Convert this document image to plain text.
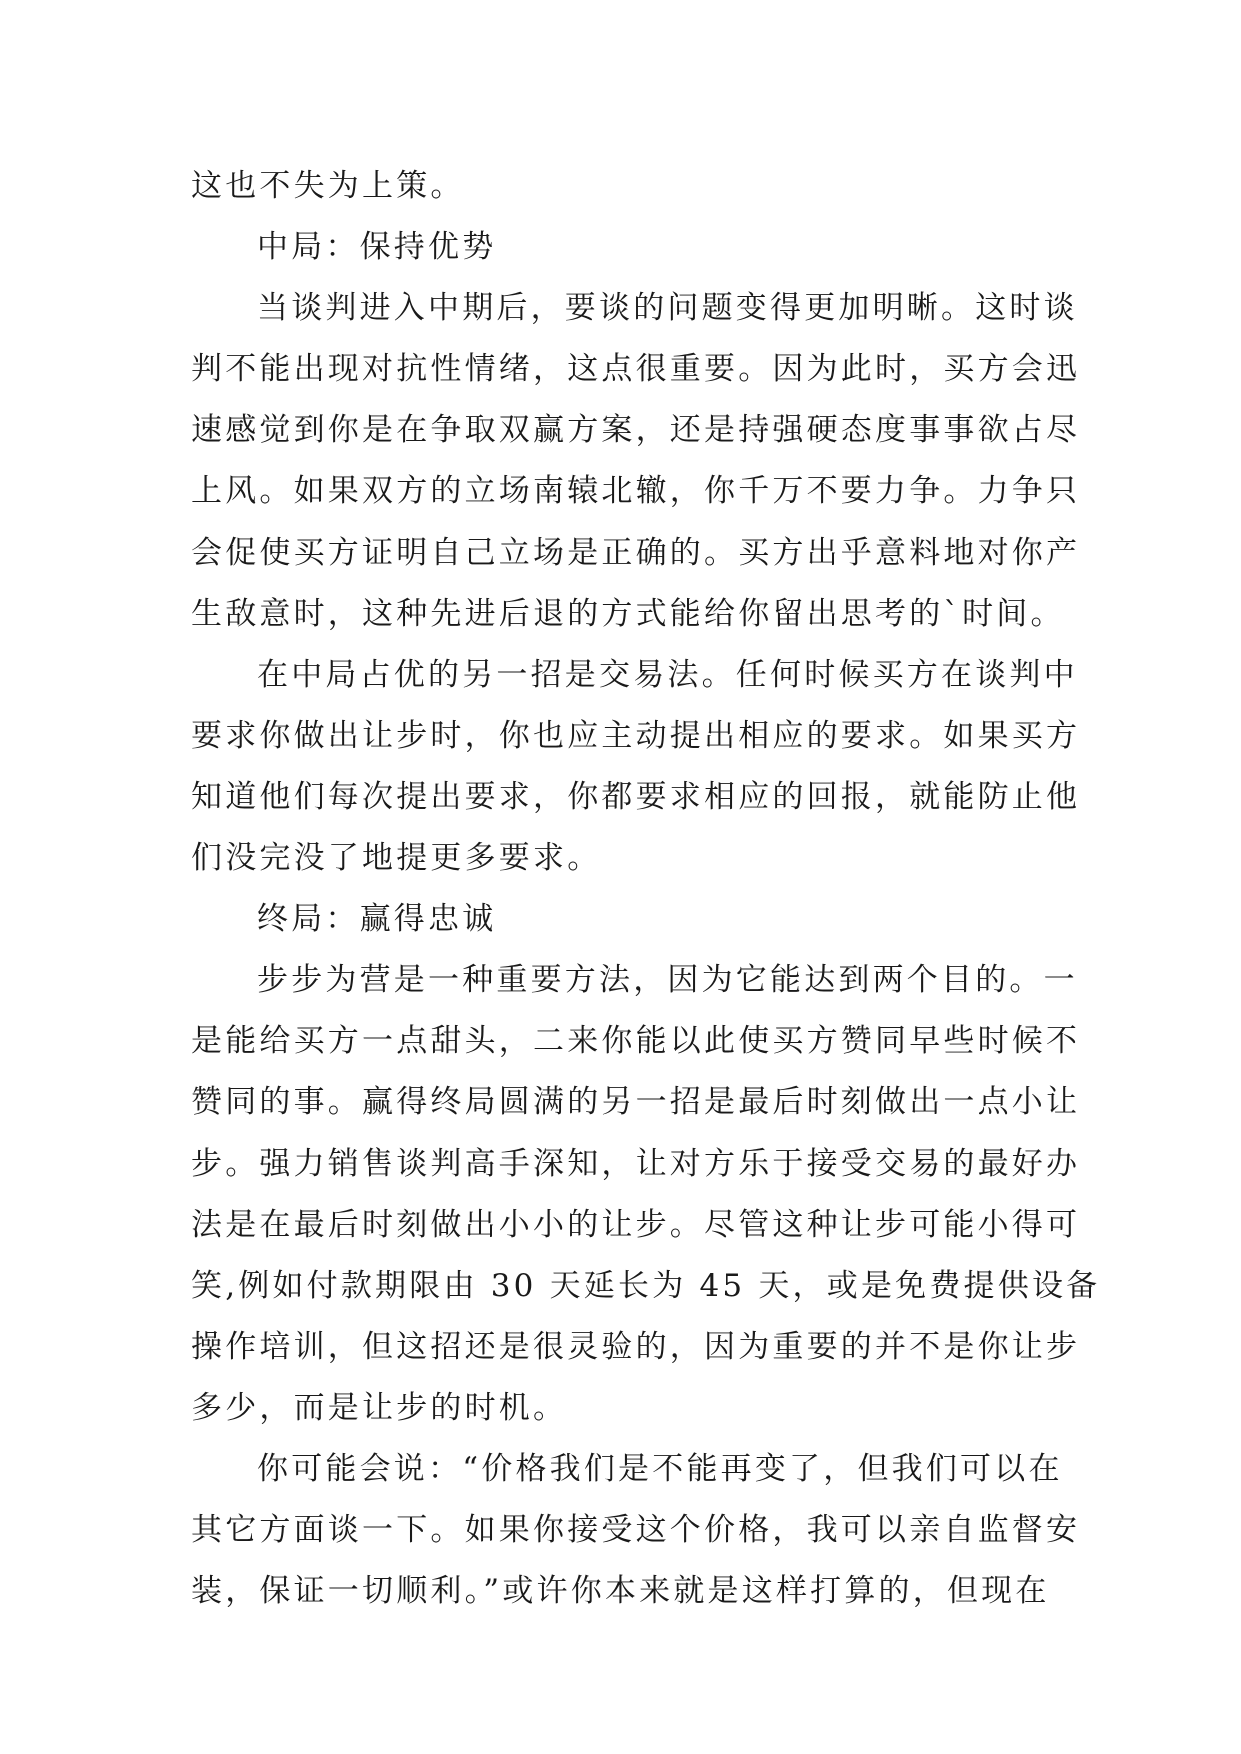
这也不失为上策。
中局：保持优势
当谈判进入中期后，要谈的问题变得更加明晰。这时谈
判不能出现对抗性情绪，这点很重要。因为此时，买方会迅
速感觉到你是在争取双赢方案，还是持强硬态度事事欲占尽
上风。如果双方的立场南辕北辙，你千万不要力争。力争只
会促使买方证明自己立场是正确的。买方出乎意料地对你产
生敌意时，这种先进后退的方式能给你留出思考的`时间。
在中局占优的另一招是交易法。任何时候买方在谈判中
要求你做出让步时，你也应主动提出相应的要求。如果买方
知道他们每次提出要求，你都要求相应的回报，就能防止他
们没完没了地提更多要求。
终局：赢得忠诚
步步为营是一种重要方法，因为它能达到两个目的。一
是能给买方一点甜头，二来你能以此使买方赞同早些时候不
赞同的事。赢得终局圆满的另一招是最后时刻做出一点小让
步。强力销售谈判高手深知，让对方乐于接受交易的最好办
法是在最后时刻做出小小的让步。尽管这种让步可能小得可
笑,例如付款期限由 30 天延长为 45 天，或是免费提供设备
操作培训，但这招还是很灵验的，因为重要的并不是你让步
多少，而是让步的时机。
你可能会说：“价格我们是不能再变了，但我们可以在
其它方面谈一下。如果你接受这个价格，我可以亲自监督安
装，保证一切顺利。”或许你本来就是这样打算的，但现在
